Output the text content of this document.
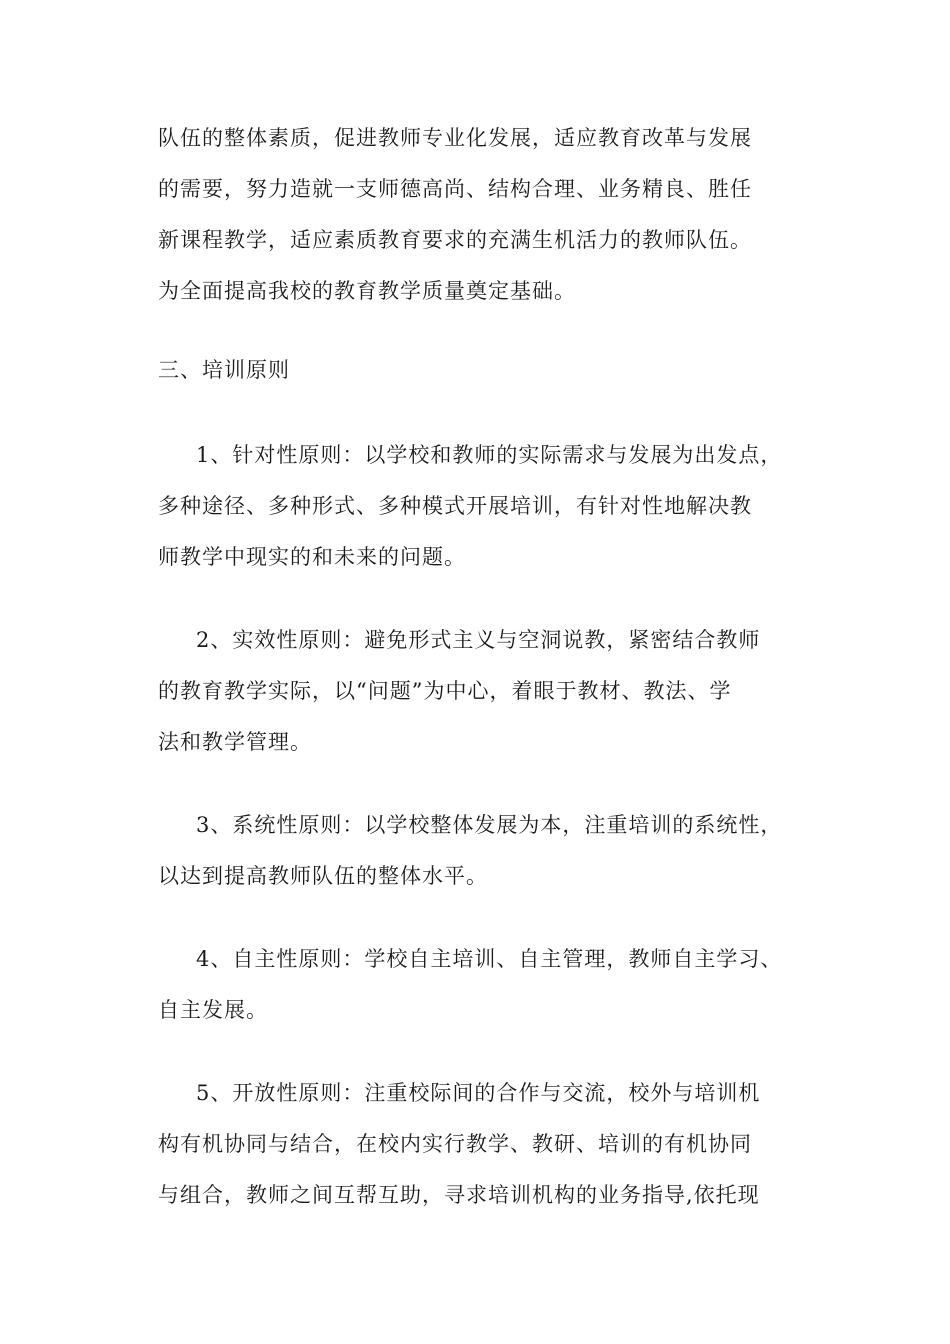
队伍的整体素质，促进教师专业化发展，适应教育改革与发展
的需要，努力造就一支师德高尚、结构合理、业务精良、胜任
新课程教学，适应素质教育要求的充满生机活力的教师队伍。
为全面提高我校的教育教学质量奠定基础。
三、培训原则
1、针对性原则：以学校和教师的实际需求与发展为出发点，
多种途径、多种形式、多种模式开展培训，有针对性地解决教
师教学中现实的和未来的问题。
2、实效性原则：避免形式主义与空洞说教，紧密结合教师
的教育教学实际，以“问题”为中心，着眼于教材、教法、学
法和教学管理。
3、系统性原则：以学校整体发展为本，注重培训的系统性，
以达到提高教师队伍的整体水平。
4、自主性原则：学校自主培训、自主管理，教师自主学习、
自主发展。
5、开放性原则：注重校际间的合作与交流，校外与培训机
构有机协同与结合，在校内实行教学、教研、培训的有机协同
与组合，教师之间互帮互助，寻求培训机构的业务指导,依托现
